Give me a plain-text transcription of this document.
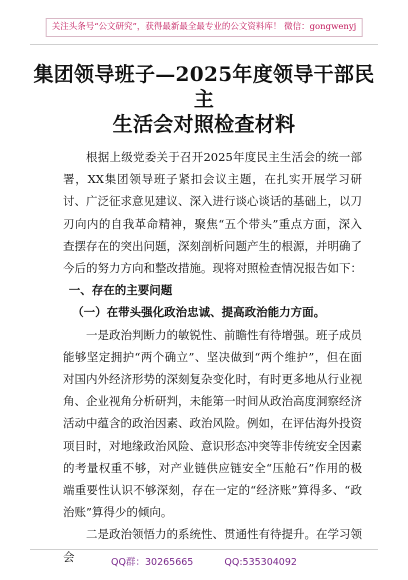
关注头条号“公文研究”，获得最新最全最专业的公文资料库！ 微信：gongwenyj
集团领导班子—2025年度领导干部民主
生活会对照检查材料

根据上级党委关于召开2025年度民主生活会的统一部署，XX集团领导班子紧扣会议主题，在扎实开展学习研讨、广泛征求意见建议、深入进行谈心谈话的基础上，以刀刃向内的自我革命精神，聚焦“五个带头”重点方面，深入查摆存在的突出问题，深刻剖析问题产生的根源，并明确了今后的努力方向和整改措施。现将对照检查情况报告如下：

一、存在的主要问题

（一）在带头强化政治忠诚、提高政治能力方面。

一是政治判断力的敏锐性、前瞻性有待增强。班子成员能够坚定拥护“两个确立”、坚决做到“两个维护”，但在面对国内外经济形势的深刻复杂变化时，有时更多地从行业视角、企业视角分析研判，未能第一时间从政治高度洞察经济活动中蕴含的政治因素、政治风险。例如，在评估海外投资项目时，对地缘政治风险、意识形态冲突等非传统安全因素的考量权重不够，对产业链供应链安全“压舱石”作用的极端重要性认识不够深刻，存在一定的“经济账”算得多、“政治账”算得少的倾向。

二是政治领悟力的系统性、贯通性有待提升。在学习领会	QQ群：30265665	QQ:535304092
